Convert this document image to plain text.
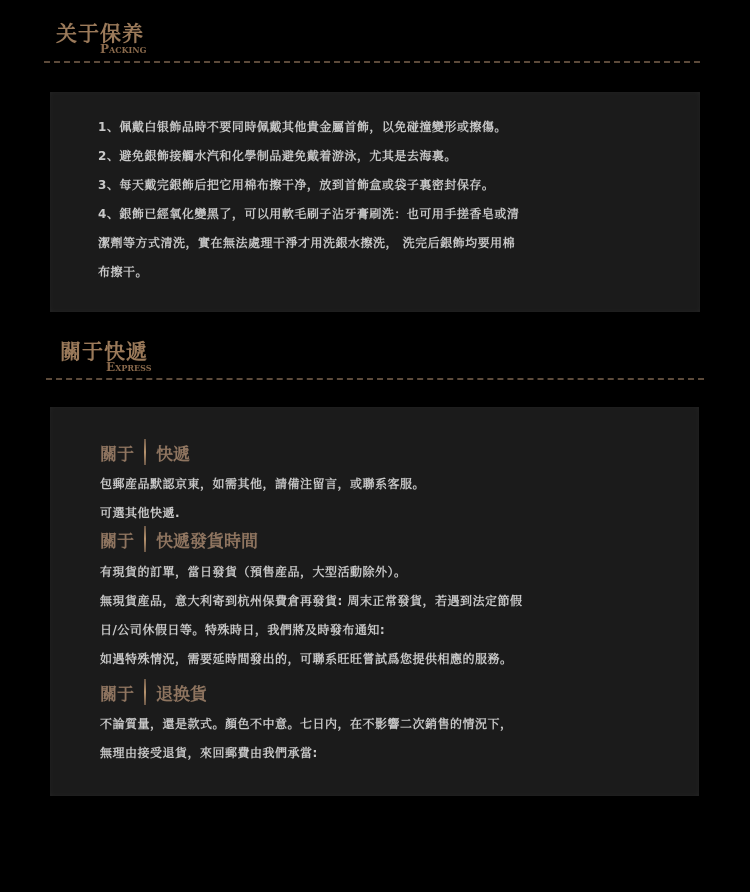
关于保养
Packing
1、佩戴白银飾品時不要同時佩戴其他貴金屬首飾，以免碰撞變形或擦傷。
2、避免銀飾接觸水汽和化學制品避免戴着游泳，尤其是去海裏。
3、每天戴完銀飾后把它用棉布擦干净，放到首飾盒或袋子裏密封保存。
4、銀飾已經氧化變黑了，可以用軟毛刷子沾牙膏刷洗：也可用手搓香皂或清
潔劑等方式清洗，實在無法處理干淨才用洗銀水擦洗， 洗完后銀飾均要用棉
布擦干。
關于快遞
Express
關于 快遞
包郵産品默認京東，如需其他，請備注留言，或聯系客服。
可選其他快遞.
關于 快遞發貨時間
有現貨的訂單，當日發貨（預售産品，大型活動除外）。
無現貨産品，意大利寄到杭州保費倉再發貨: 周末正常發貨，若遇到法定節假
日/公司休假日等。特殊時日，我們將及時發布通知:
如遇特殊情況，需要延時間發出的，可聯系旺旺嘗試爲您提供相應的服務。
關于 退换貨
不論質量，還是款式。顏色不中意。七日内，在不影響二次銷售的情況下，
無理由接受退貨，來回郵費由我們承當:
